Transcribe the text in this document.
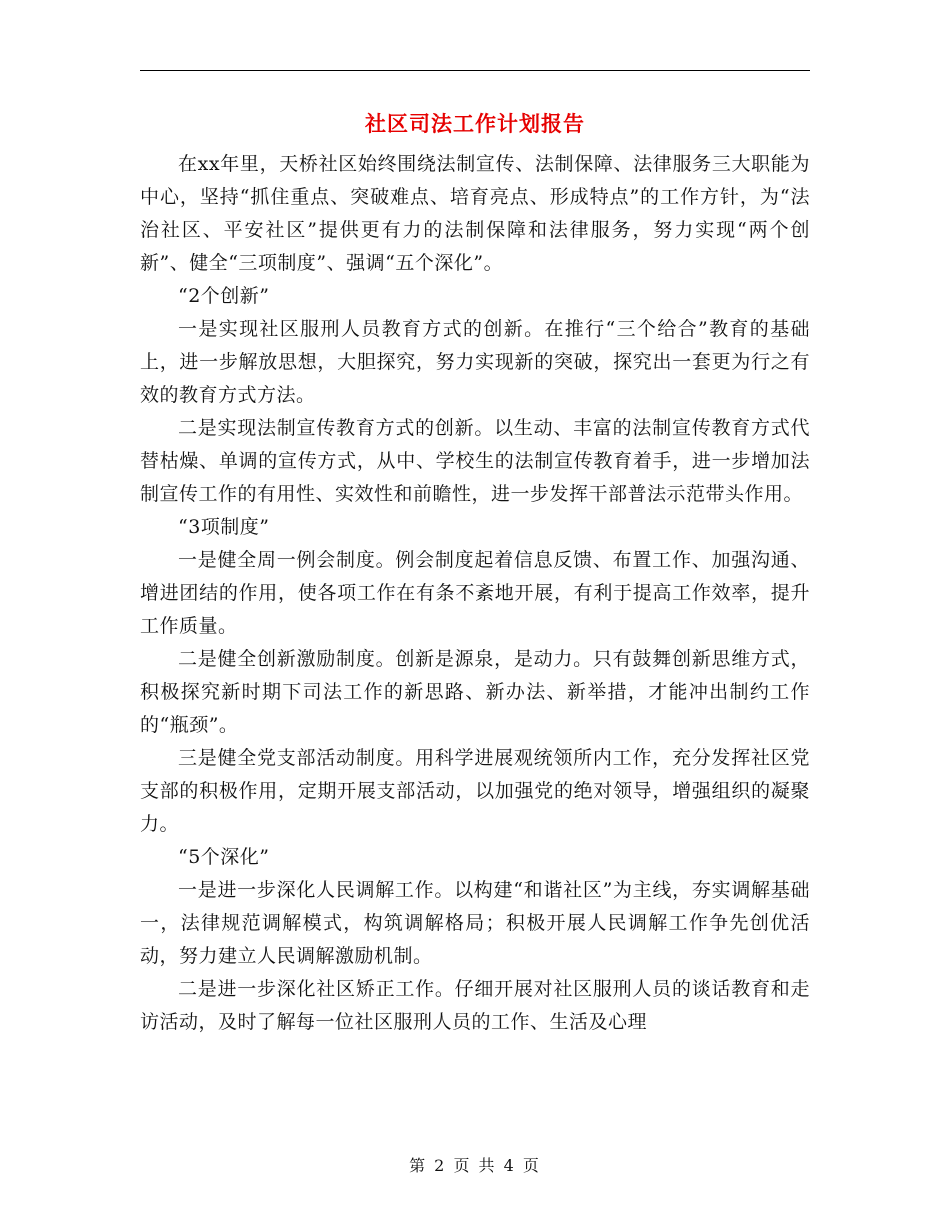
社区司法工作计划报告

在xx年里，天桥社区始终围绕法制宣传、法制保障、法律服务三大职能为中心，坚持“抓住重点、突破难点、培育亮点、形成特点”的工作方针，为“法治社区、平安社区”提供更有力的法制保障和法律服务，努力实现“两个创新”、健全“三项制度”、强调“五个深化”。

“2个创新”

一是实现社区服刑人员教育方式的创新。在推行“三个给合”教育的基础上，进一步解放思想，大胆探究，努力实现新的突破，探究出一套更为行之有效的教育方式方法。

二是实现法制宣传教育方式的创新。以生动、丰富的法制宣传教育方式代替枯燥、单调的宣传方式，从中、学校生的法制宣传教育着手，进一步增加法制宣传工作的有用性、实效性和前瞻性，进一步发挥干部普法示范带头作用。

“3项制度”

一是健全周一例会制度。例会制度起着信息反馈、布置工作、加强沟通、增进团结的作用，使各项工作在有条不紊地开展，有利于提高工作效率，提升工作质量。

二是健全创新激励制度。创新是源泉，是动力。只有鼓舞创新思维方式，积极探究新时期下司法工作的新思路、新办法、新举措，才能冲出制约工作的“瓶颈”。

三是健全党支部活动制度。用科学进展观统领所内工作，充分发挥社区党支部的积极作用，定期开展支部活动，以加强党的绝对领导，增强组织的凝聚力。

“5个深化”

一是进一步深化人民调解工作。以构建“和谐社区”为主线，夯实调解基础一，法律规范调解模式，构筑调解格局；积极开展人民调解工作争先创优活动，努力建立人民调解激励机制。

二是进一步深化社区矫正工作。仔细开展对社区服刑人员的谈话教育和走访活动，及时了解每一位社区服刑人员的工作、生活及心理

第 2 页 共 4 页
